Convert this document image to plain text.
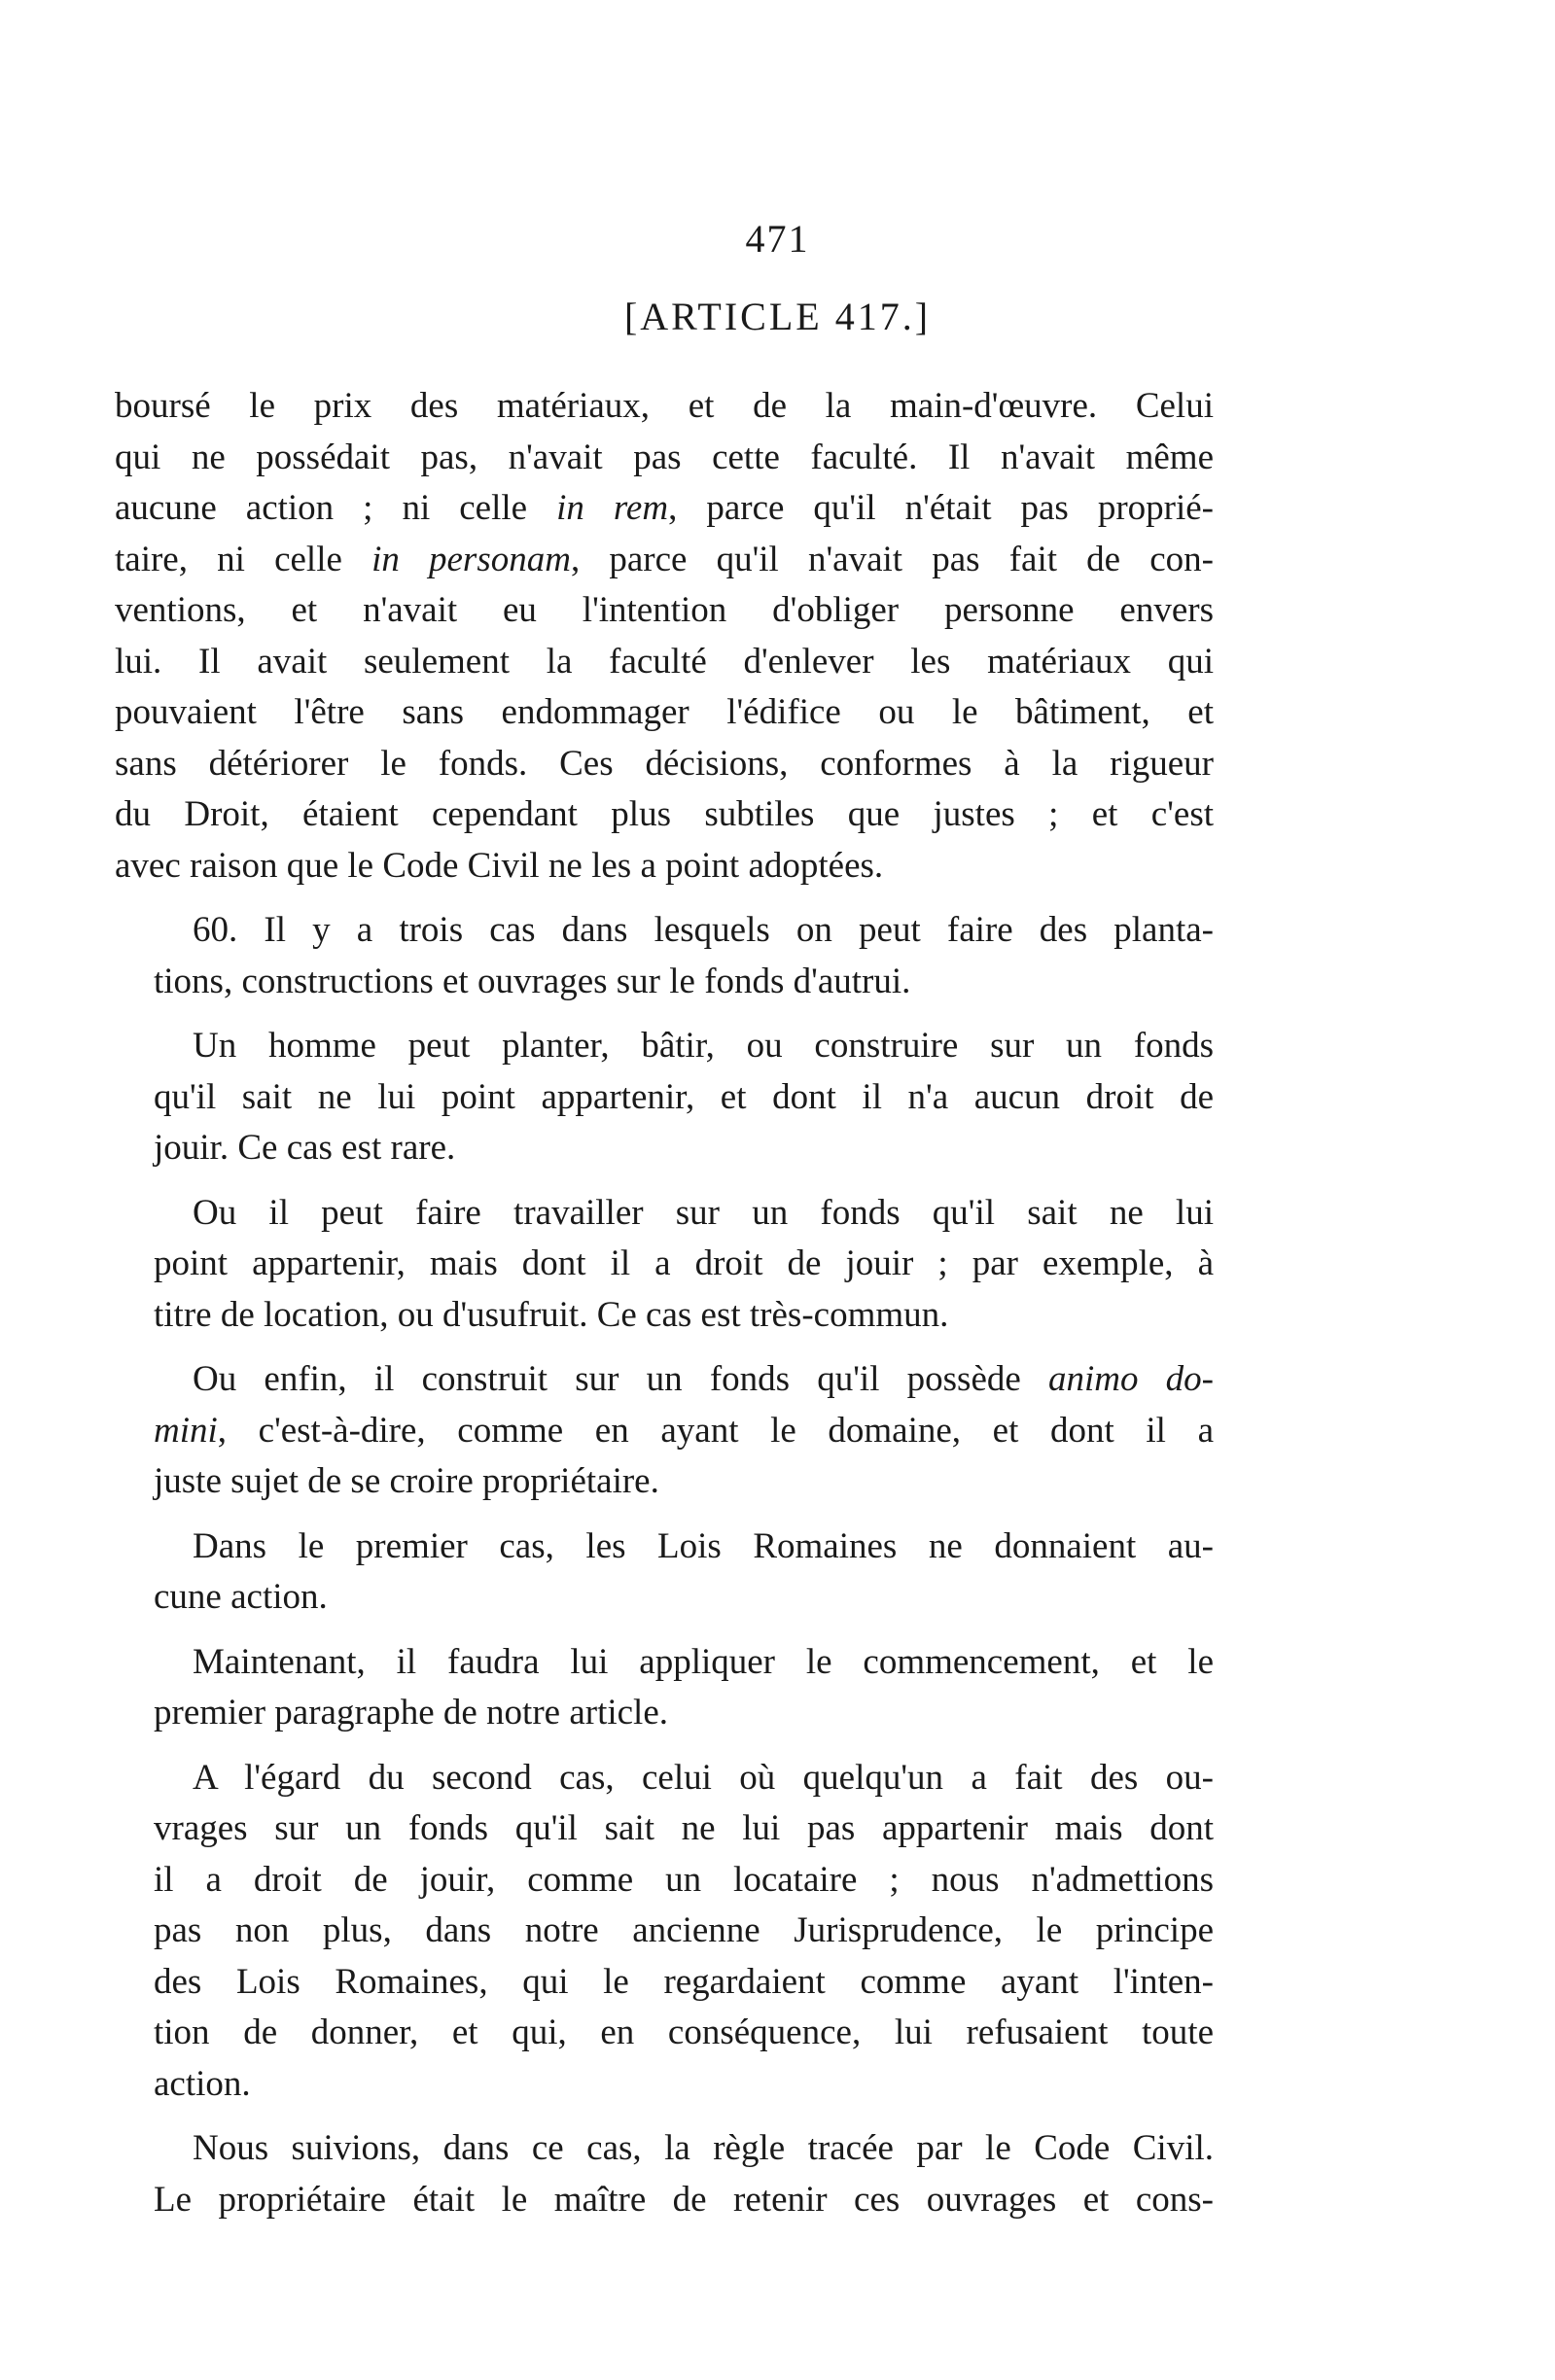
471
[ARTICLE 417.]
boursé le prix des matériaux, et de la main-d'œuvre. Celui
qui ne possédait pas, n'avait pas cette faculté. Il n'avait même
aucune action ; ni celle in rem, parce qu'il n'était pas proprié-
taire, ni celle in personam, parce qu'il n'avait pas fait de con-
ventions, et n'avait eu l'intention d'obliger personne envers
lui. Il avait seulement la faculté d'enlever les matériaux qui
pouvaient l'être sans endommager l'édifice ou le bâtiment, et
sans détériorer le fonds. Ces décisions, conformes à la rigueur
du Droit, étaient cependant plus subtiles que justes ; et c'est
avec raison que le Code Civil ne les a point adoptées.
60. Il y a trois cas dans lesquels on peut faire des planta-
tions, constructions et ouvrages sur le fonds d'autrui.
Un homme peut planter, bâtir, ou construire sur un fonds
qu'il sait ne lui point appartenir, et dont il n'a aucun droit de
jouir. Ce cas est rare.
Ou il peut faire travailler sur un fonds qu'il sait ne lui
point appartenir, mais dont il a droit de jouir ; par exemple, à
titre de location, ou d'usufruit. Ce cas est très-commun.
Ou enfin, il construit sur un fonds qu'il possède animo do-
mini, c'est-à-dire, comme en ayant le domaine, et dont il a
juste sujet de se croire propriétaire.
Dans le premier cas, les Lois Romaines ne donnaient au-
cune action.
Maintenant, il faudra lui appliquer le commencement, et le
premier paragraphe de notre article.
A l'égard du second cas, celui où quelqu'un a fait des ou-
vrages sur un fonds qu'il sait ne lui pas appartenir mais dont
il a droit de jouir, comme un locataire ; nous n'admettions
pas non plus, dans notre ancienne Jurisprudence, le principe
des Lois Romaines, qui le regardaient comme ayant l'inten-
tion de donner, et qui, en conséquence, lui refusaient toute
action.
Nous suivions, dans ce cas, la règle tracée par le Code Civil.
Le propriétaire était le maître de retenir ces ouvrages et cons-
